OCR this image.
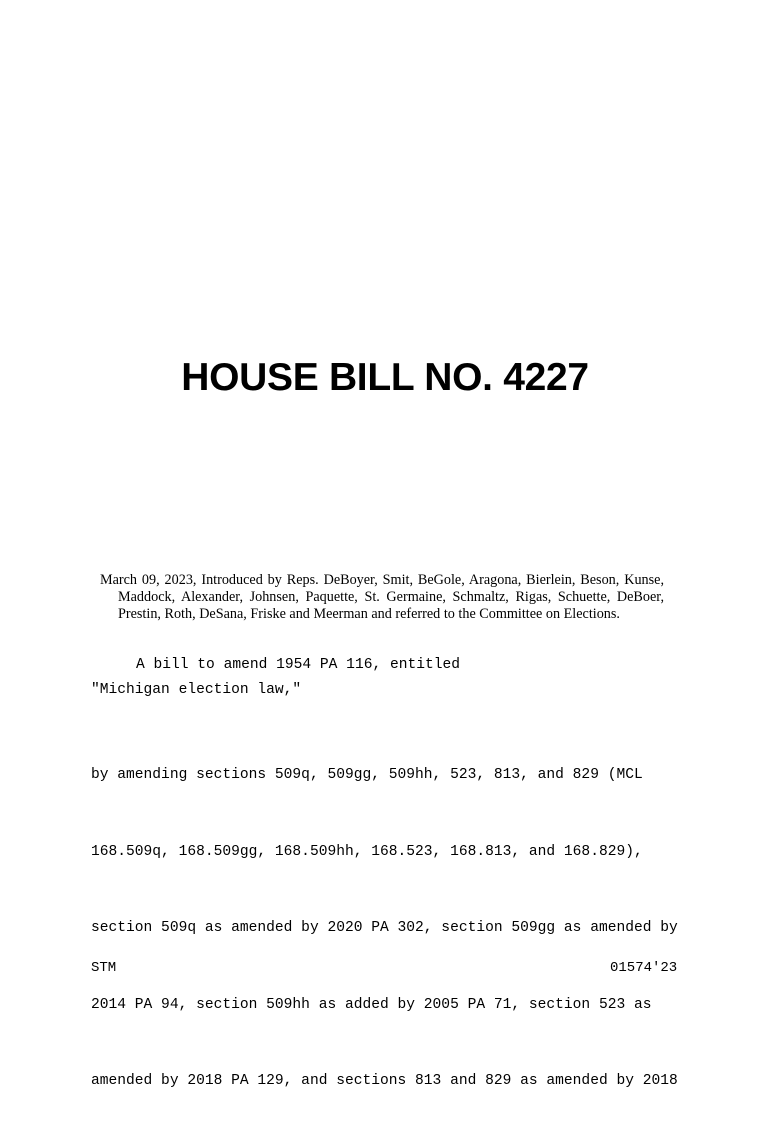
HOUSE BILL NO. 4227

March 09, 2023, Introduced by Reps. DeBoyer, Smit, BeGole, Aragona, Bierlein, Beson, Kunse, Maddock, Alexander, Johnsen, Paquette, St. Germaine, Schmaltz, Rigas, Schuette, DeBoer, Prestin, Roth, DeSana, Friske and Meerman and referred to the Committee on Elections.

A bill to amend 1954 PA 116, entitled

"Michigan election law,"

by amending sections 509q, 509gg, 509hh, 523, 813, and 829 (MCL

168.509q, 168.509gg, 168.509hh, 168.523, 168.813, and 168.829),

section 509q as amended by 2020 PA 302, section 509gg as amended by

2014 PA 94, section 509hh as added by 2005 PA 71, section 523 as

amended by 2018 PA 129, and sections 813 and 829 as amended by 2018

STM	01574'23
